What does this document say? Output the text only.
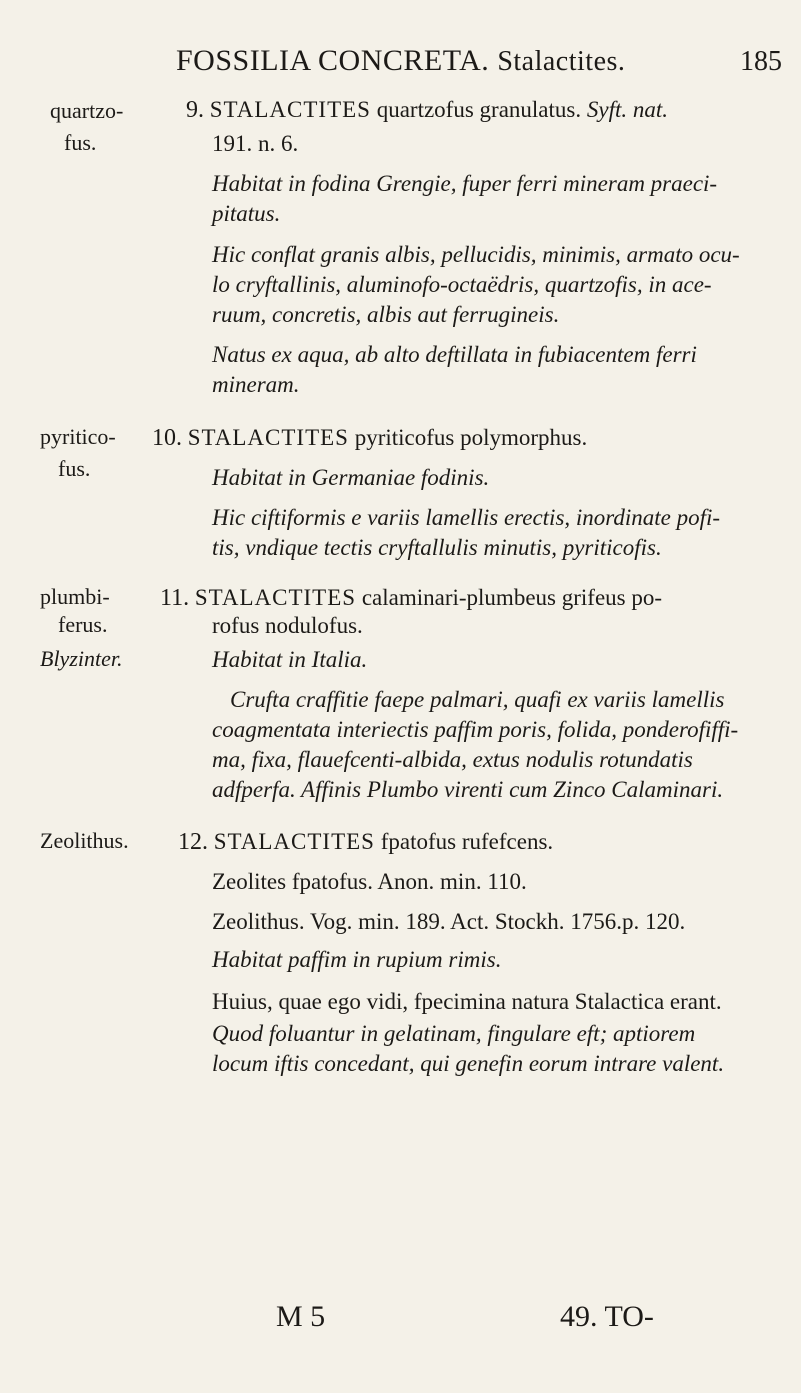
FOSSILIA CONCRETA. Stalactites.	185
quartzo-
fus.
9. STALACTITES quartzofus granulatus. Syft. nat.
191. n. 6.
Habitat in fodina Grengie, fuper ferri mineram praeci-
pitatus.
Hic conflat granis albis, pellucidis, minimis, armato ocu-
lo cryftallinis, aluminofo-octaëdris, quartzofis, in ace-
ruum, concretis, albis aut ferrugineis.
Natus ex aqua, ab alto deftillata in fubiacentem ferri
mineram.
pyritico-
fus.
10. STALACTITES pyriticofus polymorphus.
Habitat in Germaniae fodinis.
Hic ciftiformis e variis lamellis erectis, inordinate pofi-
tis, vndique tectis cryftallulis minutis, pyriticofis.
plumbi-
ferus.
Blyzinter.
11. STALACTITES calaminari-plumbeus grifeus po-
rofus nodulofus.
Habitat in Italia.
Crufta craffitie faepe palmari, quafi ex variis lamellis
coagmentata interiectis paffim poris, folida, ponderofiffi-
ma, fixa, flauefcenti-albida, extus nodulis rotundatis
adfperfa. Affinis Plumbo virenti cum Zinco Calaminari.
Zeolithus. 12. STALACTITES fpatofus rufefcens.
Zeolites fpatofus. Anon. min. 110.
Zeolithus. Vog. min. 189. Act. Stockh. 1756.p. 120.
Habitat paffim in rupium rimis.
Huius, quae ego vidi, fpecimina natura Stalactica erant.
Quod foluantur in gelatinam, fingulare eft; aptiorem
locum iftis concedant, qui genefin eorum intrare valent.
M 5	49. TO-
